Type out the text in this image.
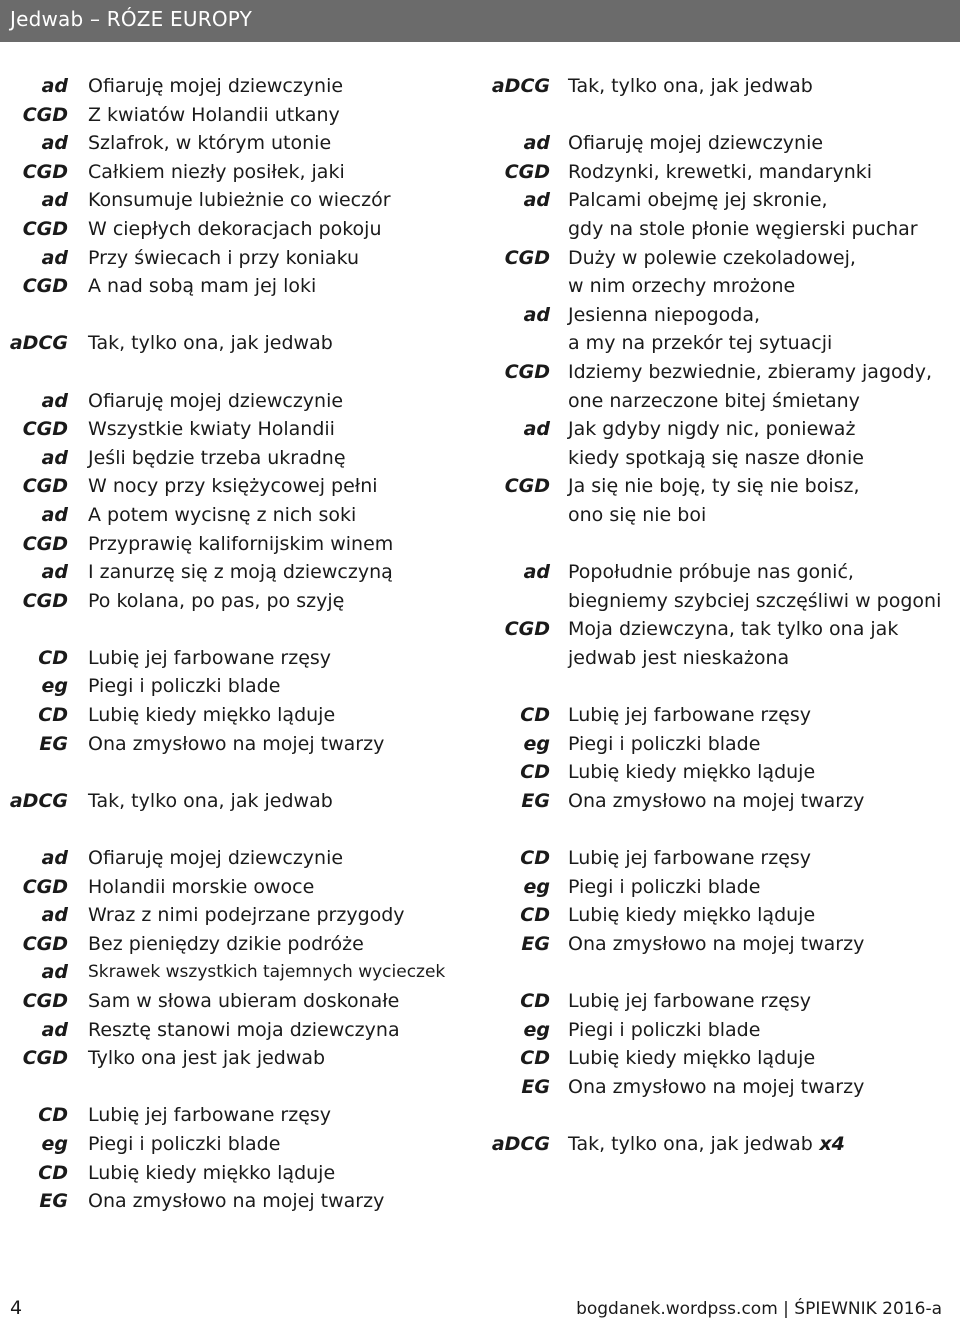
Jedwab – RÓZE EUROPY
ad Ofiaruję mojej dziewczynie
CGD Z kwiatów Holandii utkany
ad Szlafrok, w którym utonie
CGD Całkiem niezły posiłek, jaki
ad Konsumuje lubieżnie co wieczór
CGD W ciepłych dekoracjach pokoju
ad Przy świecach i przy koniaku
CGD A nad sobą mam jej loki
aDCG Tak, tylko ona, jak jedwab
ad Ofiaruję mojej dziewczynie
CGD Wszystkie kwiaty Holandii
ad Jeśli będzie trzeba ukradnę
CGD W nocy przy księżycowej pełni
ad A potem wycisnę z nich soki
CGD Przyprawię kalifornijskim winem
ad I zanurzę się z moją dziewczyną
CGD Po kolana, po pas, po szyję
CD Lubię jej farbowane rzęsy
eg Piegi i policzki blade
CD Lubię kiedy miękko ląduje
EG Ona zmysłowo na mojej twarzy
aDCG Tak, tylko ona, jak jedwab
ad Ofiaruję mojej dziewczynie
CGD Holandii morskie owoce
ad Wraz z nimi podejrzane przygody
CGD Bez pieniędzy dzikie podróże
ad Skrawek wszystkich tajemnych wycieczek
CGD Sam w słowa ubieram doskonałe
ad Resztę stanowi moja dziewczyna
CGD Tylko ona jest jak jedwab
CD Lubię jej farbowane rzęsy
eg Piegi i policzki blade
CD Lubię kiedy miękko ląduje
EG Ona zmysłowo na mojej twarzy
aDCG Tak, tylko ona, jak jedwab
ad Ofiaruję mojej dziewczynie
CGD Rodzynki, krewetki, mandarynki
ad Palcami obejmę jej skronie,
gdy na stole płonie węgierski puchar
CGD Duży w polewie czekoladowej,
w nim orzechy mrożone
ad Jesienna niepogoda,
a my na przekór tej sytuacji
CGD Idziemy bezwiednie, zbieramy jagody,
one narzeczone bitej śmietany
ad Jak gdyby nigdy nic, ponieważ
kiedy spotkają się nasze dłonie
CGD Ja się nie boję, ty się nie boisz,
ono się nie boi
ad Popołudnie próbuje nas gonić,
biegniemy szybciej szczęśliwi w pogoni
CGD Moja dziewczyna, tak tylko ona jak
jedwab jest nieskażona
CD Lubię jej farbowane rzęsy
eg Piegi i policzki blade
CD Lubię kiedy miękko ląduje
EG Ona zmysłowo na mojej twarzy
CD Lubię jej farbowane rzęsy
eg Piegi i policzki blade
CD Lubię kiedy miękko ląduje
EG Ona zmysłowo na mojej twarzy
CD Lubię jej farbowane rzęsy
eg Piegi i policzki blade
CD Lubię kiedy miękko ląduje
EG Ona zmysłowo na mojej twarzy
aDCG Tak, tylko ona, jak jedwab x4
4	bogdanek.wordpss.com | ŚPIEWNIK 2016-a
